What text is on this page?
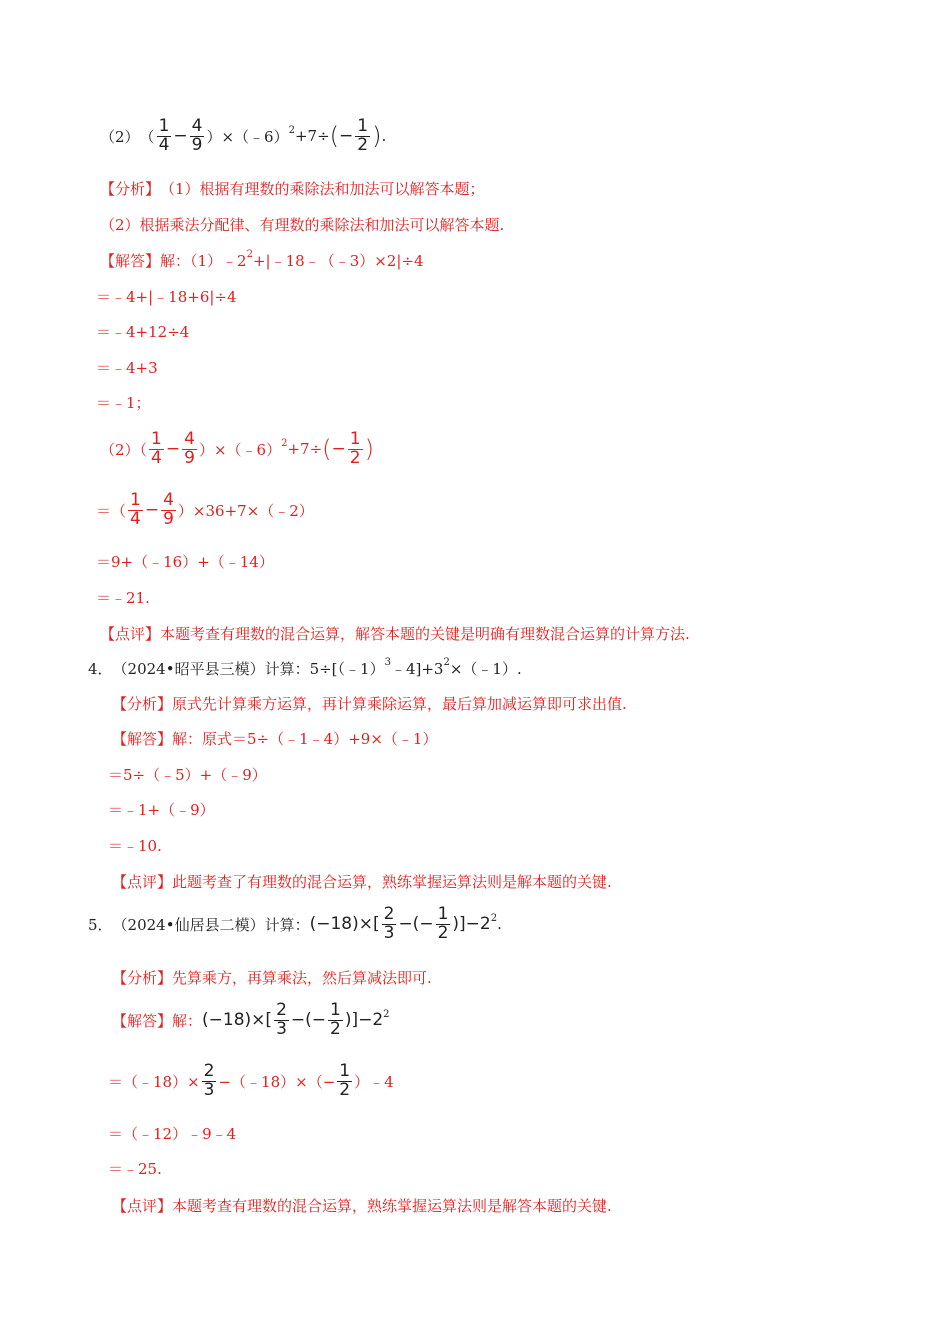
（2） （ $\frac{1}{4} - \frac{4}{9}$ ）×（﹣6）$^2$ +7÷ ( − $\frac{1}{2}$ ) .
【分析】 （1）根据有理数的乘除法和加法可以解答本题；
（2）根据乘法分配律、有理数的乘除法和加法可以解答本题.
【解答】 解：$(1)﹣2^2$ +|﹣18﹣（﹣3）×2|÷4
＝﹣4+|﹣18+6|÷4
＝﹣4+12÷4
＝﹣4+3
＝﹣1；
$(2)( \frac{1}{4} - \frac{4}{9}$ ）×（﹣6）$^2$ +7÷ ( − $\frac{1}{2}$ )
＝（ $\frac{1}{4} - \frac{4}{9}$ ）×36+7×（﹣2）
＝9+（﹣16）+（﹣14）
＝﹣21.
【点评】 本题考查有理数的混合运算，解答本题的关键是明确有理数混合运算的计算方法.
4． （2024•昭平县三模）计算：5÷[（﹣1）$^3$ $﹣4]+3^2$ ×（﹣1）.
【分析】 原式先计算乘方运算，再计算乘除运算，最后算加减运算即可求出值.
【解答】 解：原式＝5÷（﹣1﹣4）+9×（﹣1）
＝5÷（﹣5）+（﹣9）
＝﹣1+（﹣9）
＝﹣10.
【点评】 此题考查了有理数的混合运算，熟练掌握运算法则是解本题的关键.
5． （2024•仙居县二模）计算： $(-18)\times[ \frac{2}{3}$ −(− $\frac{1}{2} )]-2^2$ .
【分析】 先算乘方，再算乘法，然后算减法即可.
【解答】 解： $(-18)\times[ \frac{2}{3}$ −(− $\frac{1}{2} )]-2^2$
＝（﹣18）× $\frac{2}{3}$ −（﹣18）×（− $\frac{1}{2}$ ）﹣4
＝（﹣12）﹣9﹣4
＝﹣25.
【点评】 本题考查有理数的混合运算，熟练掌握运算法则是解答本题的关键.
